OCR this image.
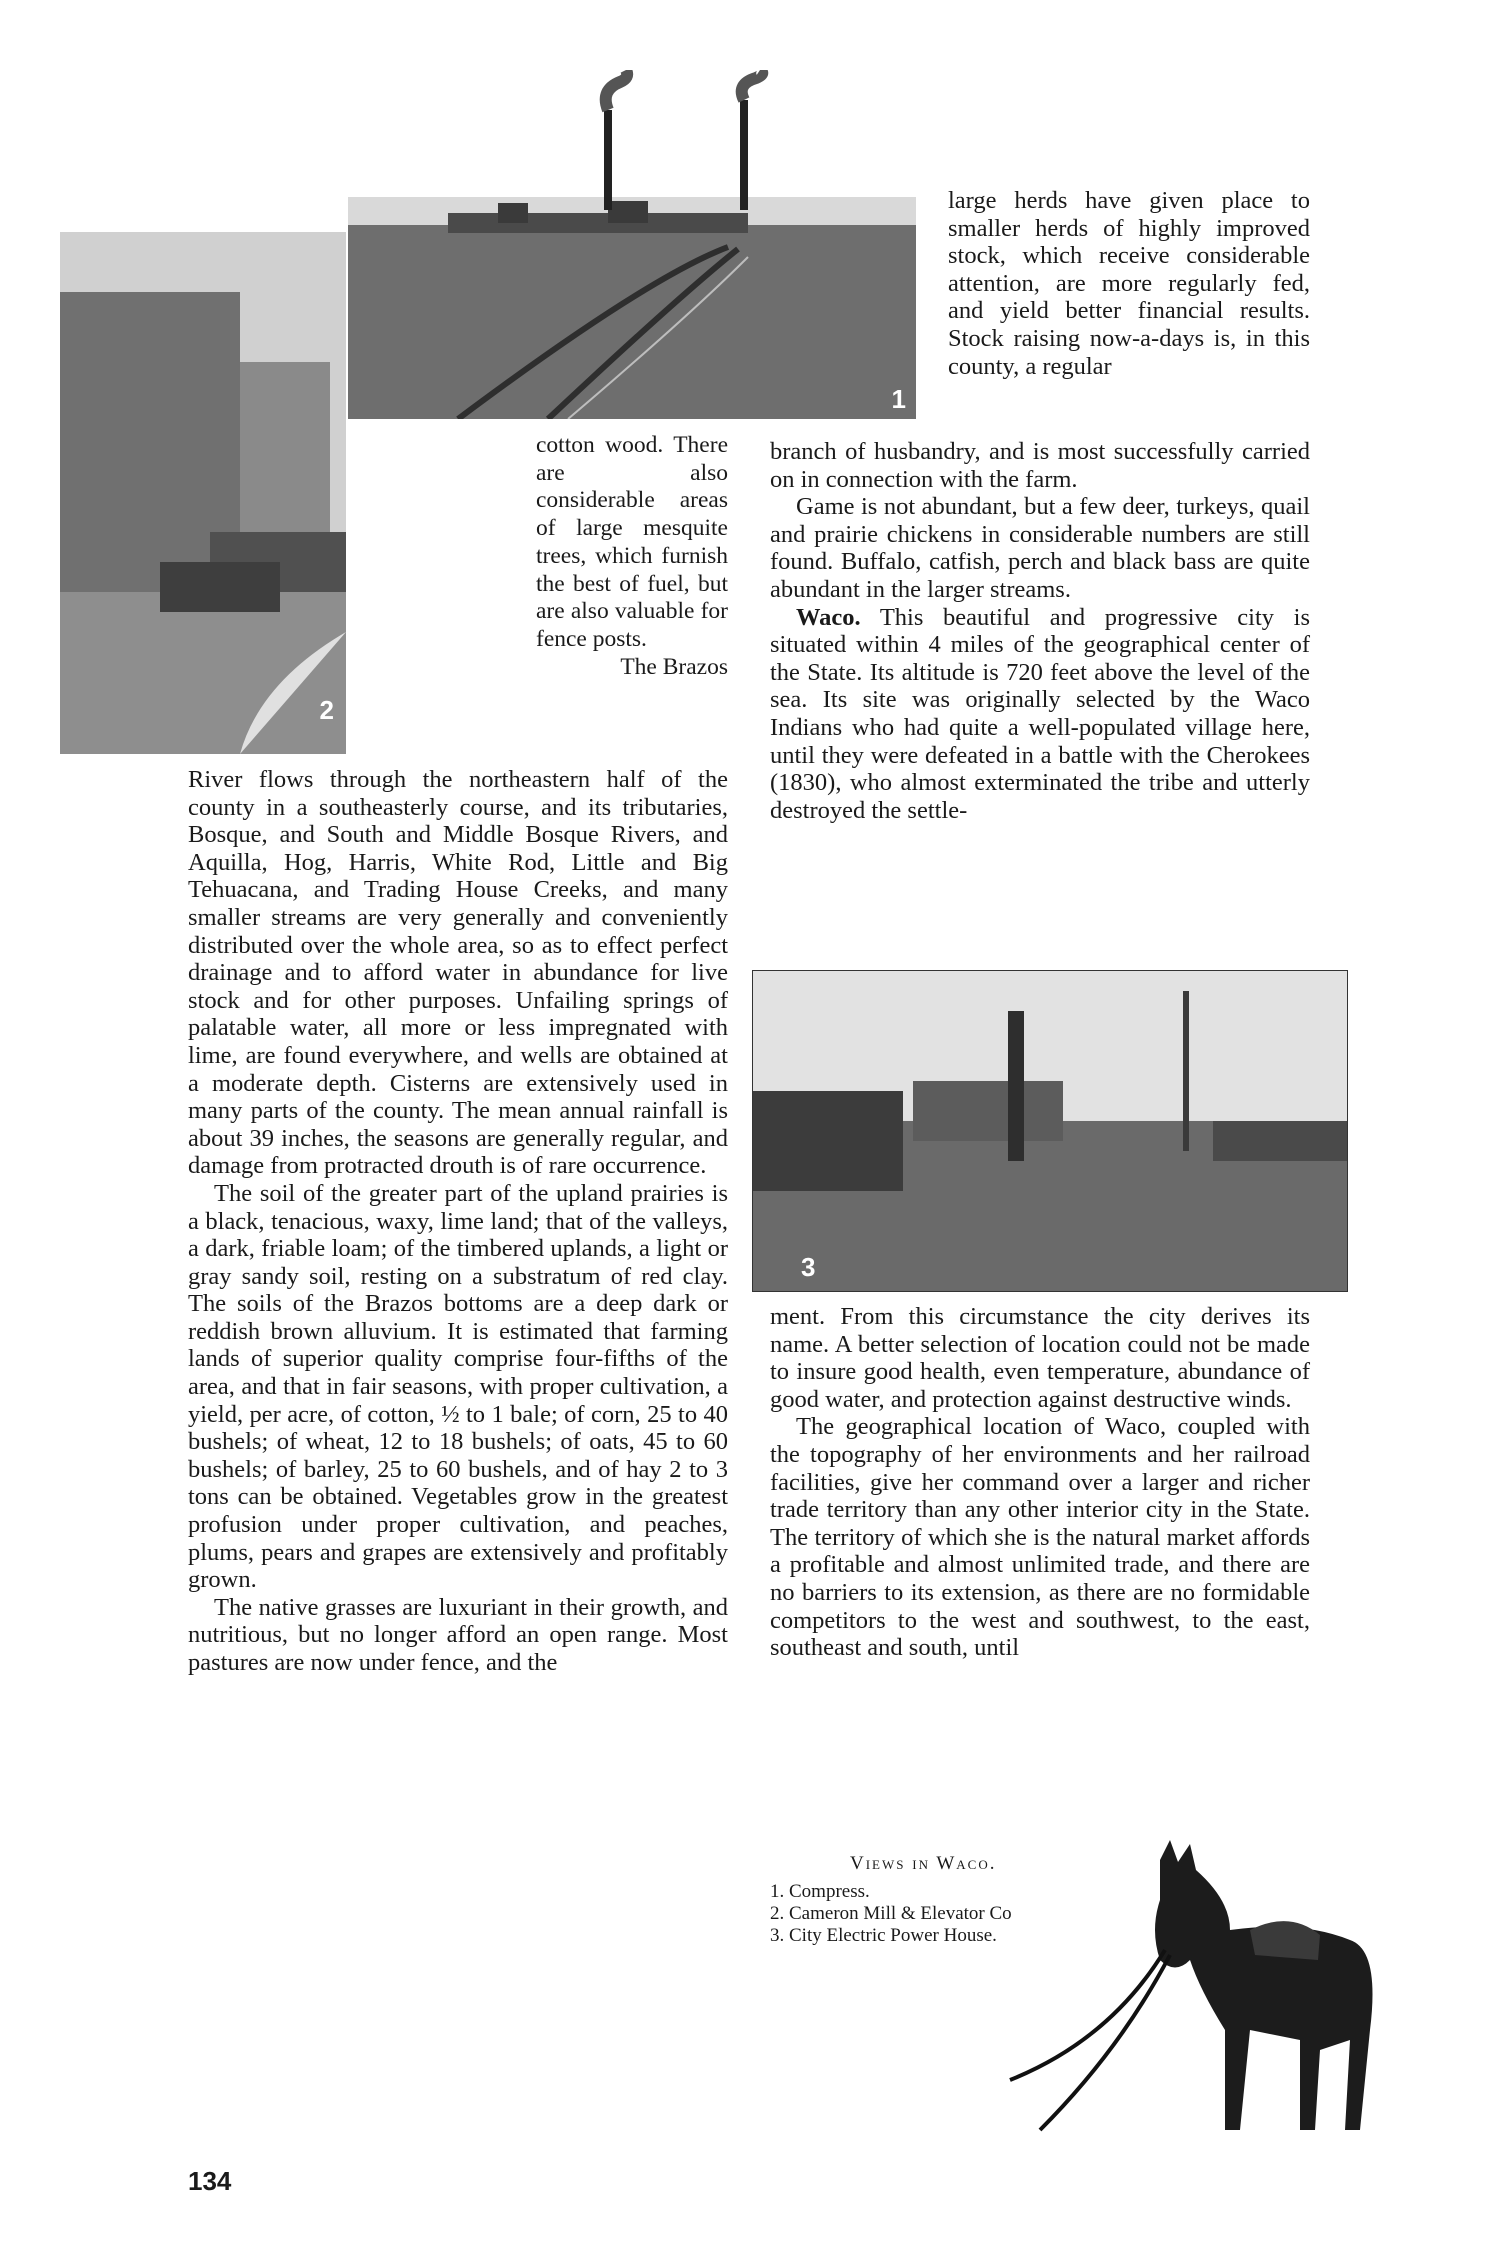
1
2
3

cotton wood. There are also considerable areas of large mesquite trees, which furnish the best of fuel, but are also valuable for fence posts.

The Brazos

River flows through the northeastern half of the county in a southeasterly course, and its tributaries, Bosque, and South and Middle Bosque Rivers, and Aquilla, Hog, Harris, White Rod, Little and Big Tehuacana, and Trading House Creeks, and many smaller streams are very generally and conveniently distributed over the whole area, so as to effect perfect drainage and to afford water in abundance for live stock and for other purposes. Unfailing springs of palatable water, all more or less impregnated with lime, are found everywhere, and wells are obtained at a moderate depth. Cisterns are extensively used in many parts of the county. The mean annual rainfall is about 39 inches, the seasons are generally regular, and damage from protracted drouth is of rare occurrence.

The soil of the greater part of the upland prairies is a black, tenacious, waxy, lime land; that of the valleys, a dark, friable loam; of the timbered uplands, a light or gray sandy soil, resting on a substratum of red clay. The soils of the Brazos bottoms are a deep dark or reddish brown alluvium. It is estimated that farming lands of superior quality comprise four-fifths of the area, and that in fair seasons, with proper cultivation, a yield, per acre, of cotton, ½ to 1 bale; of corn, 25 to 40 bushels; of wheat, 12 to 18 bushels; of oats, 45 to 60 bushels; of barley, 25 to 60 bushels, and of hay 2 to 3 tons can be obtained. Vegetables grow in the greatest profusion under proper cultivation, and peaches, plums, pears and grapes are extensively and profitably grown.

The native grasses are luxuriant in their growth, and nutritious, but no longer afford an open range. Most pastures are now under fence, and the

large herds have given place to smaller herds of highly improved stock, which receive considerable attention, are more regularly fed, and yield better financial results. Stock raising now-a-days is, in this county, a regular

branch of husbandry, and is most successfully carried on in connection with the farm.

Game is not abundant, but a few deer, turkeys, quail and prairie chickens in considerable numbers are still found. Buffalo, catfish, perch and black bass are quite abundant in the larger streams.

Waco. This beautiful and progressive city is situated within 4 miles of the geographical center of the State. Its altitude is 720 feet above the level of the sea. Its site was originally selected by the Waco Indians who had quite a well-populated village here, until they were defeated in a battle with the Cherokees (1830), who almost exterminated the tribe and utterly destroyed the settle-

ment. From this circumstance the city derives its name. A better selection of location could not be made to insure good health, even temperature, abundance of good water, and protection against destructive winds.

The geographical location of Waco, coupled with the topography of her environments and her railroad facilities, give her command over a larger and richer trade territory than any other interior city in the State. The territory of which she is the natural market affords a profitable and almost unlimited trade, and there are no barriers to its extension, as there are no formidable competitors to the west and southwest, to the east, southeast and south, until

Views in Waco.
1. Compress.
2. Cameron Mill & Elevator Co
3. City Electric Power House.
134
